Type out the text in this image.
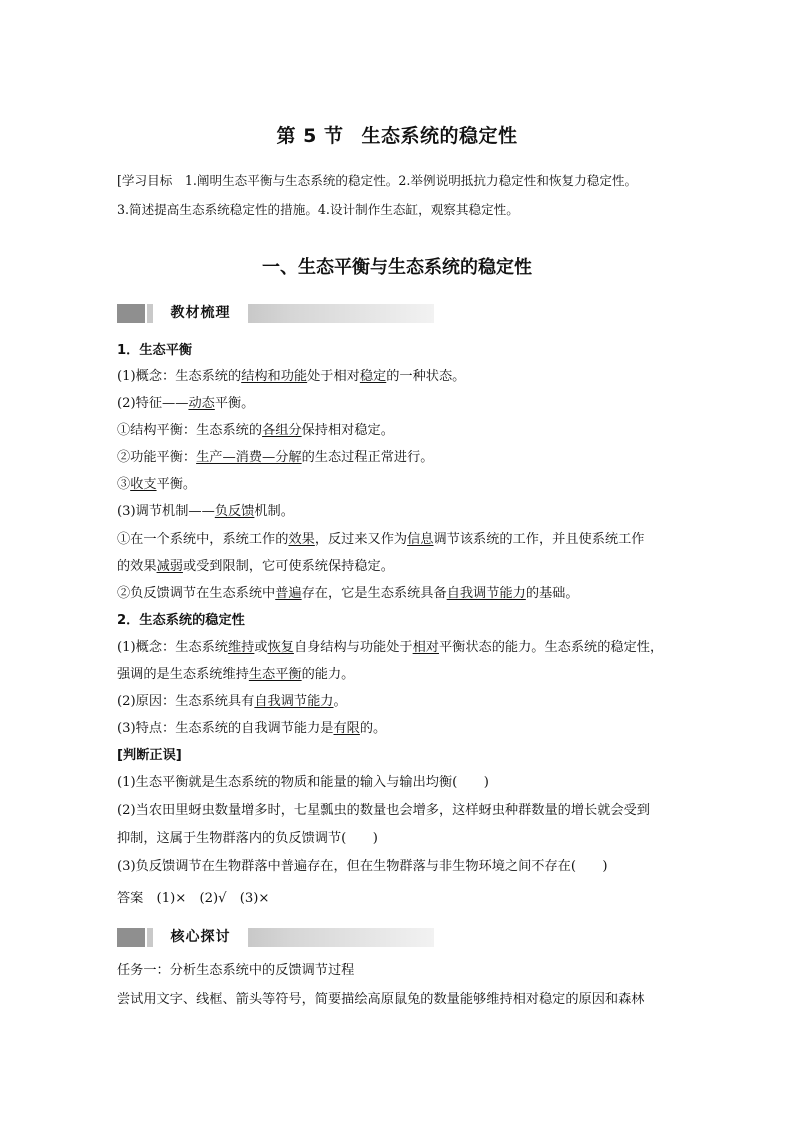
第 5 节 生态系统的稳定性
[学习目标　1.阐明生态平衡与生态系统的稳定性。2.举例说明抵抗力稳定性和恢复力稳定性。
3.简述提高生态系统稳定性的措施。4.设计制作生态缸，观察其稳定性。
一、生态平衡与生态系统的稳定性
教材梳理
1．生态平衡
(1)概念：生态系统的结构和功能处于相对稳定的一种状态。
(2)特征——动态平衡。
①结构平衡：生态系统的各组分保持相对稳定。
②功能平衡：生产—消费—分解的生态过程正常进行。
③收支平衡。
(3)调节机制——负反馈机制。
①在一个系统中，系统工作的效果，反过来又作为信息调节该系统的工作，并且使系统工作
的效果减弱或受到限制，它可使系统保持稳定。
②负反馈调节在生态系统中普遍存在，它是生态系统具备自我调节能力的基础。
2．生态系统的稳定性
(1)概念：生态系统维持或恢复自身结构与功能处于相对平衡状态的能力。生态系统的稳定性，
强调的是生态系统维持生态平衡的能力。
(2)原因：生态系统具有自我调节能力。
(3)特点：生态系统的自我调节能力是有限的。
[判断正误]
(1)生态平衡就是生态系统的物质和能量的输入与输出均衡(　　)
(2)当农田里蚜虫数量增多时，七星瓢虫的数量也会增多，这样蚜虫种群数量的增长就会受到
抑制，这属于生物群落内的负反馈调节(　　)
(3)负反馈调节在生物群落中普遍存在，但在生物群落与非生物环境之间不存在(　　)
答案　(1)×　(2)√　(3)×
核心探讨
任务一：分析生态系统中的反馈调节过程
尝试用文字、线框、箭头等符号，简要描绘高原鼠兔的数量能够维持相对稳定的原因和森林
